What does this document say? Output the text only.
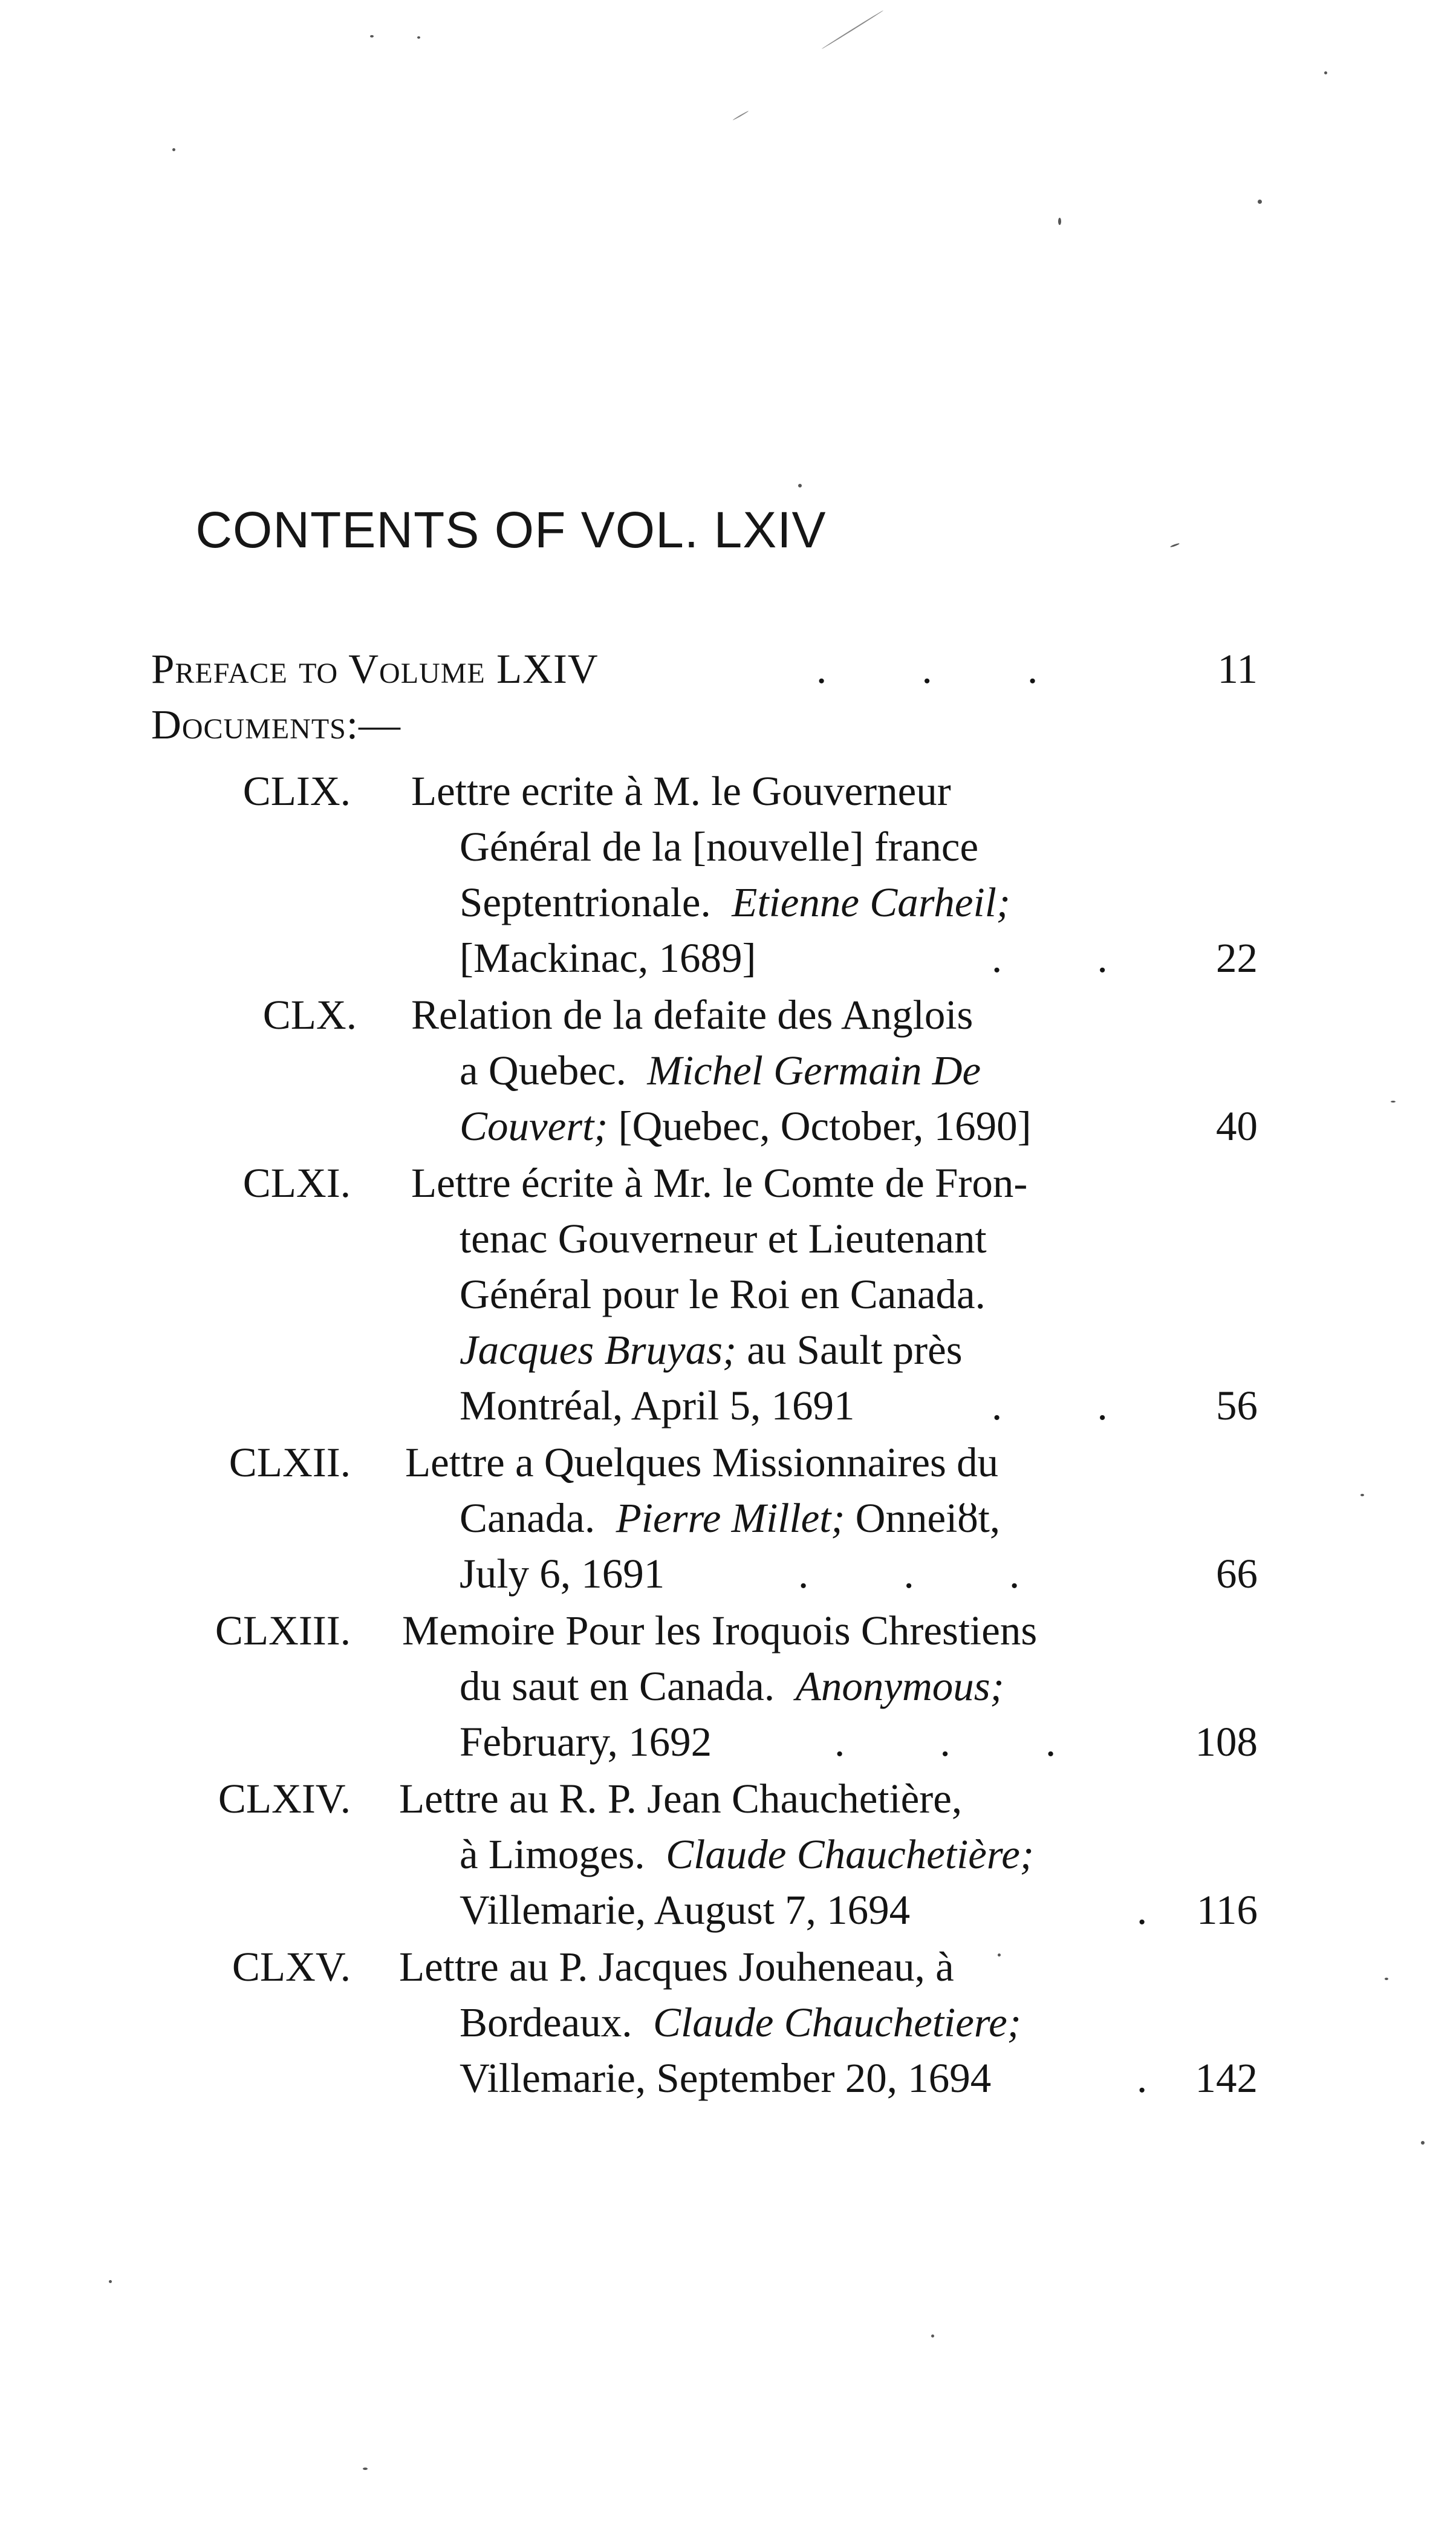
CONTENTS OF VOL. LXIV
Preface to Volume LXIV	. . .	11
Documents:—
CLIX. Lettre ecrite à M. le Gouverneur
Général de la [nouvelle] france
Septentrionale. Etienne Carheil;
[Mackinac, 1689]	. .	22
CLX. Relation de la defaite des Anglois
a Quebec. Michel Germain De
Couvert; [Quebec, October, 1690]	40
CLXI. Lettre écrite à Mr. le Comte de Fron-
tenac Gouverneur et Lieutenant
Général pour le Roi en Canada.
Jacques Bruyas; au Sault près
Montréal, April 5, 1691	. .	56
CLXII. Lettre a Quelques Missionnaires du
Canada. Pierre Millet; Onneiȣt,
July 6, 1691	. . .	66
CLXIII. Memoire Pour les Iroquois Chrestiens
du saut en Canada. Anonymous;
February, 1692	. . .	108
CLXIV. Lettre au R. P. Jean Chauchetière,
à Limoges. Claude Chauchetière;
Villemarie, August 7, 1694	. 116
CLXV. Lettre au P. Jacques Jouheneau, à
Bordeaux. Claude Chauchetiere;
Villemarie, September 20, 1694	. 142
